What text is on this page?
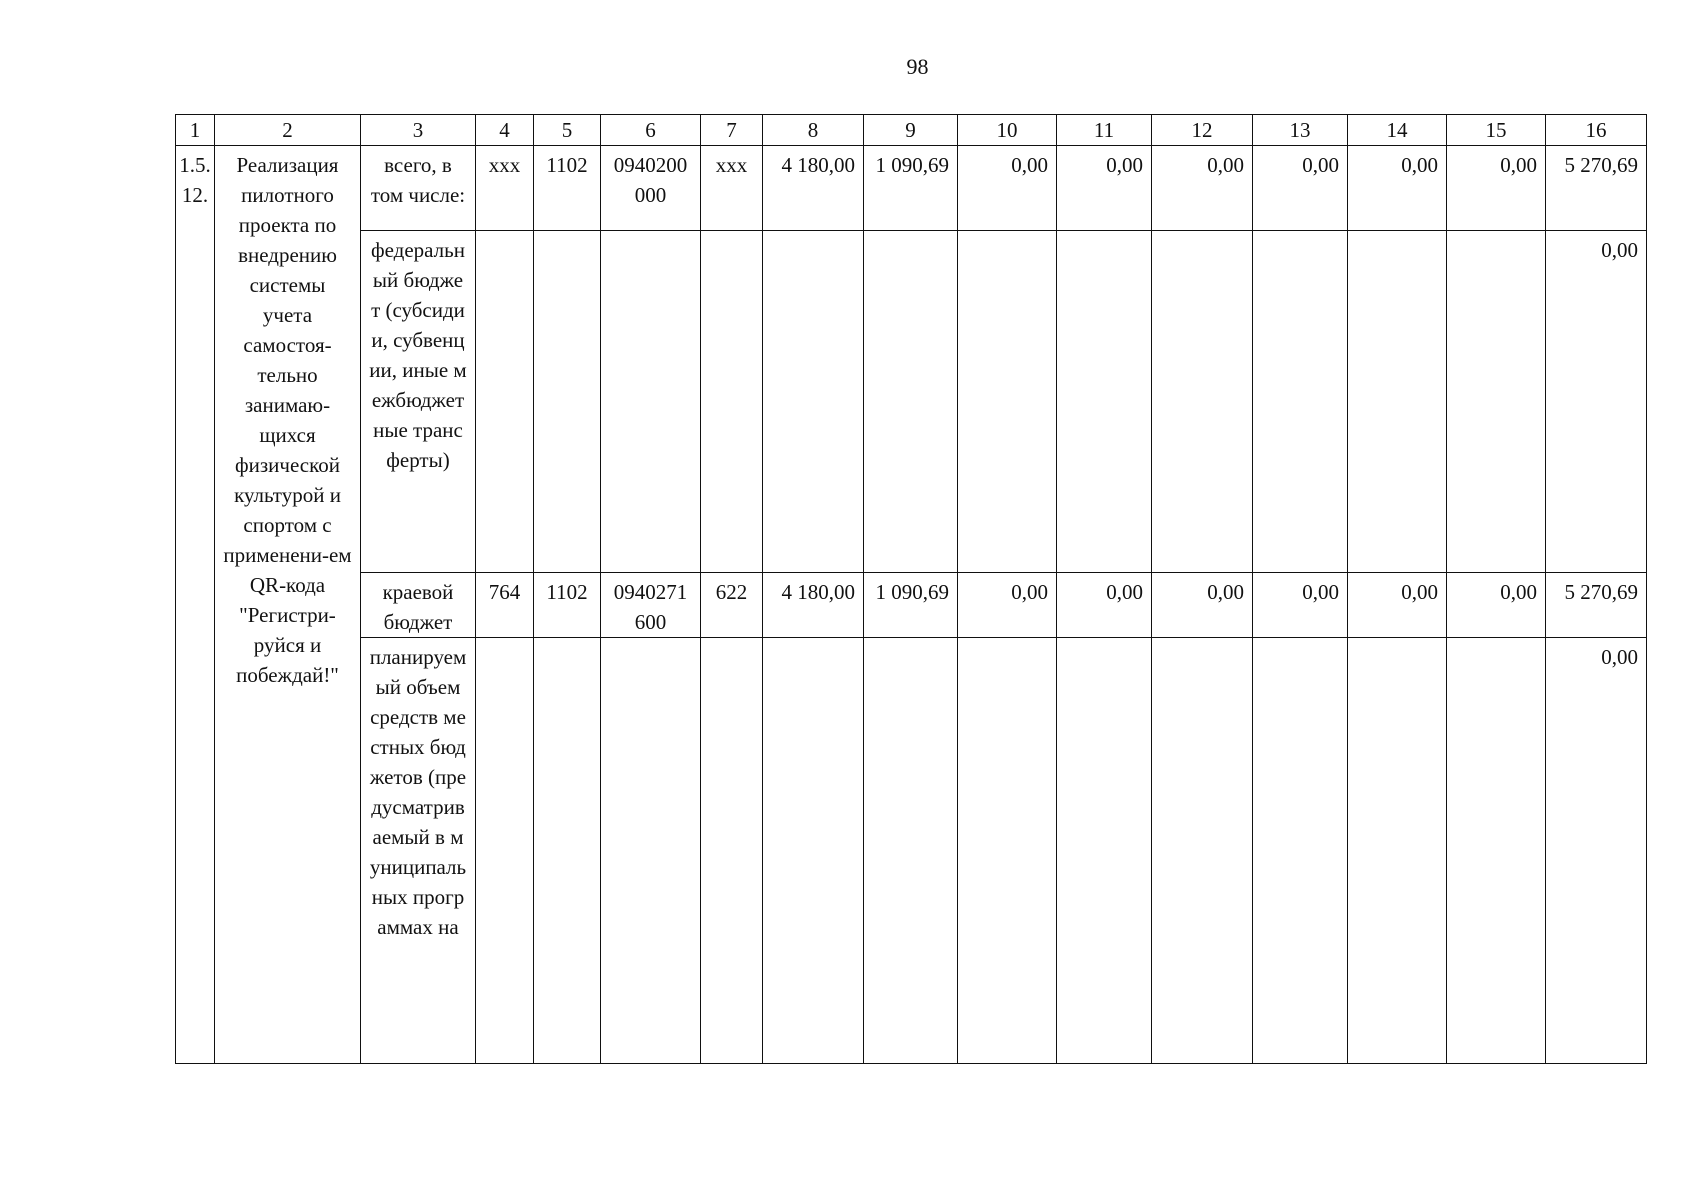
98
1	2	3	4	5	6	7	8	9	10	11	12	13	14	15	16
1.5.12.	Реализация пилотного проекта по внедрению системы учета самостоя-тельно занимаю-щихся физической культурой и спортом с применени-ем QR-кода "Регистри-руйся и побеждай!"	всего, в том числе:	ххх	1102	0940200000	ххх	4 180,00	1 090,69	0,00	0,00	0,00	0,00	0,00	0,00	5 270,69
		федеральный бюджет (субсидии, субвенции, иные межбюджетные трансферты)													0,00
		краевой бюджет	764	1102	0940271600	622	4 180,00	1 090,69	0,00	0,00	0,00	0,00	0,00	0,00	5 270,69
		планируемый объем средств местных бюджетов (предусматриваемый в муниципальных программах на													0,00
